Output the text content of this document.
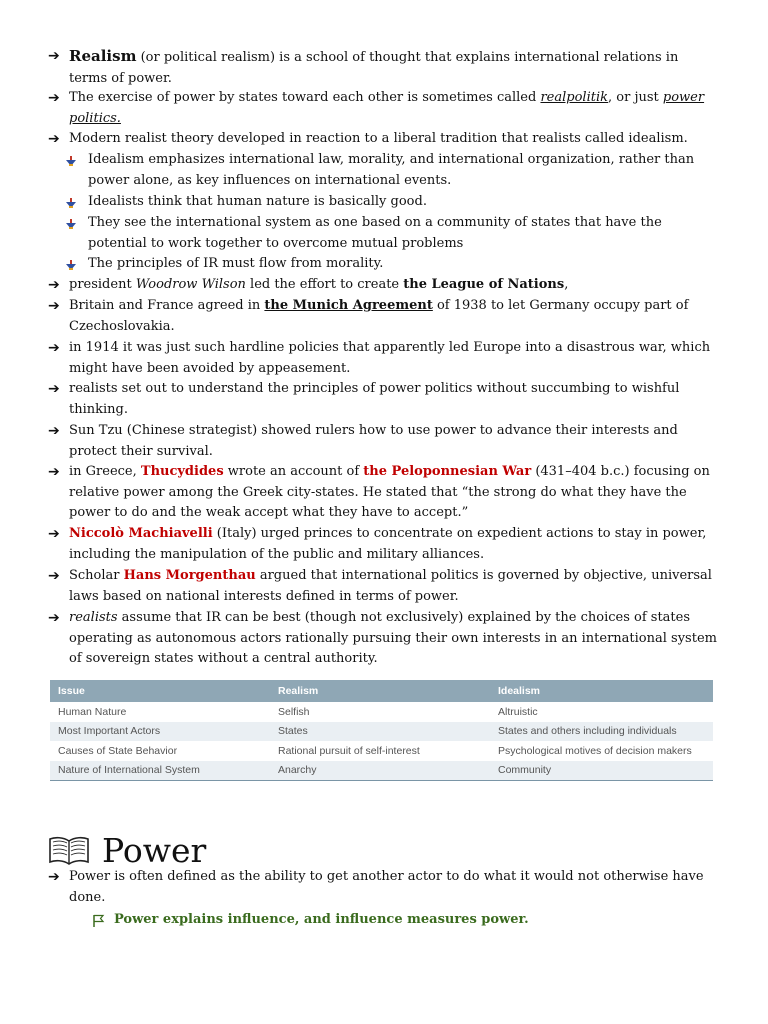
➔ Realism (or political realism) is a school of thought that explains international relations in terms of power.
➔ The exercise of power by states toward each other is sometimes called realpolitik, or just power politics.
➔ Modern realist theory developed in reaction to a liberal tradition that realists called idealism.
Idealism emphasizes international law, morality, and international organization, rather than power alone, as key influences on international events.
Idealists think that human nature is basically good.
They see the international system as one based on a community of states that have the potential to work together to overcome mutual problems
The principles of IR must flow from morality.
➔ president Woodrow Wilson led the effort to create the League of Nations,
➔ Britain and France agreed in the Munich Agreement of 1938 to let Germany occupy part of Czechoslovakia.
➔ in 1914 it was just such hardline policies that apparently led Europe into a disastrous war, which might have been avoided by appeasement.
➔ realists set out to understand the principles of power politics without succumbing to wishful thinking.
➔ Sun Tzu (Chinese strategist) showed rulers how to use power to advance their interests and protect their survival.
➔ in Greece, Thucydides wrote an account of the Peloponnesian War (431–404 b.c.) focusing on relative power among the Greek city-states. He stated that “the strong do what they have the power to do and the weak accept what they have to accept.”
➔ Niccolò Machiavelli (Italy) urged princes to concentrate on expedient actions to stay in power, including the manipulation of the public and military alliances.
➔ Scholar Hans Morgenthau argued that international politics is governed by objective, universal laws based on national interests defined in terms of power.
➔ realists assume that IR can be best (though not exclusively) explained by the choices of states operating as autonomous actors rationally pursuing their own interests in an international system of sovereign states without a central authority.
Issue	Realism	Idealism
Human Nature	Selfish	Altruistic
Most Important Actors	States	States and others including individuals
Causes of State Behavior	Rational pursuit of self-interest	Psychological motives of decision makers
Nature of International System	Anarchy	Community
Power
➔ Power is often defined as the ability to get another actor to do what it would not otherwise have done.
Power explains influence, and influence measures power.
